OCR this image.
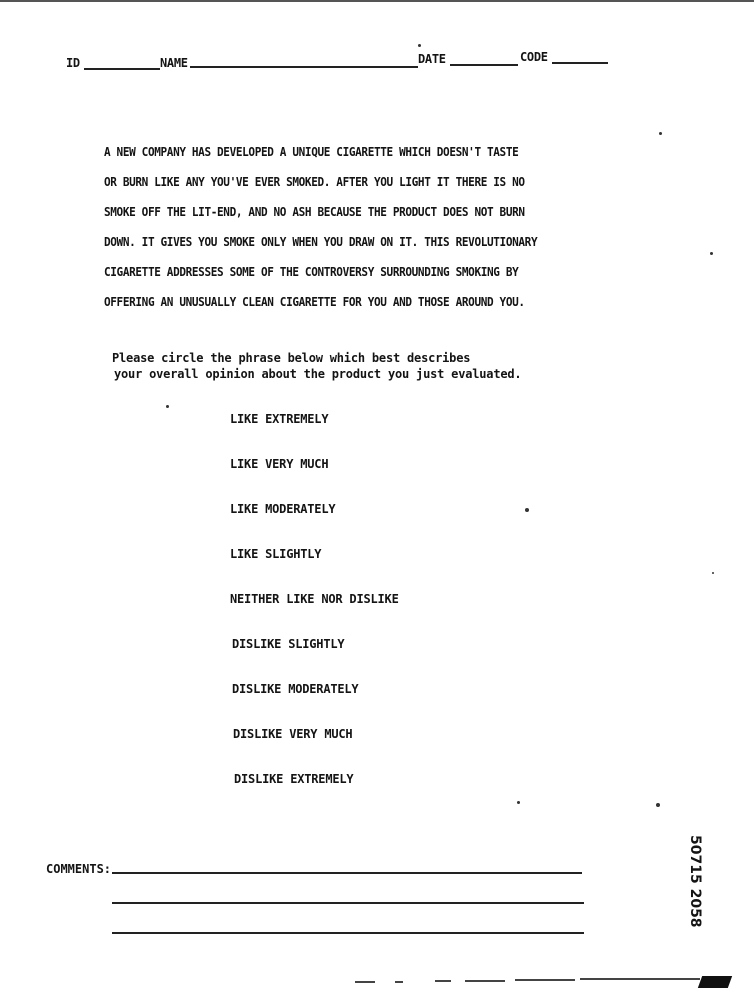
ID	NAME	DATE	CODE
A NEW COMPANY HAS DEVELOPED A UNIQUE CIGARETTE WHICH DOESN'T TASTE
OR BURN LIKE ANY YOU'VE EVER SMOKED. AFTER YOU LIGHT IT THERE IS NO
SMOKE OFF THE LIT-END, AND NO ASH BECAUSE THE PRODUCT DOES NOT BURN
DOWN. IT GIVES YOU SMOKE ONLY WHEN YOU DRAW ON IT. THIS REVOLUTIONARY
CIGARETTE ADDRESSES SOME OF THE CONTROVERSY SURROUNDING SMOKING BY
OFFERING AN UNUSUALLY CLEAN CIGARETTE FOR YOU AND THOSE AROUND YOU.
Please circle the phrase below which best describes
your overall opinion about the product you just evaluated.
LIKE EXTREMELY
LIKE VERY MUCH
LIKE MODERATELY
LIKE SLIGHTLY
NEITHER LIKE NOR DISLIKE
DISLIKE SLIGHTLY
DISLIKE MODERATELY
DISLIKE VERY MUCH
DISLIKE EXTREMELY
COMMENTS:	50715 2058
